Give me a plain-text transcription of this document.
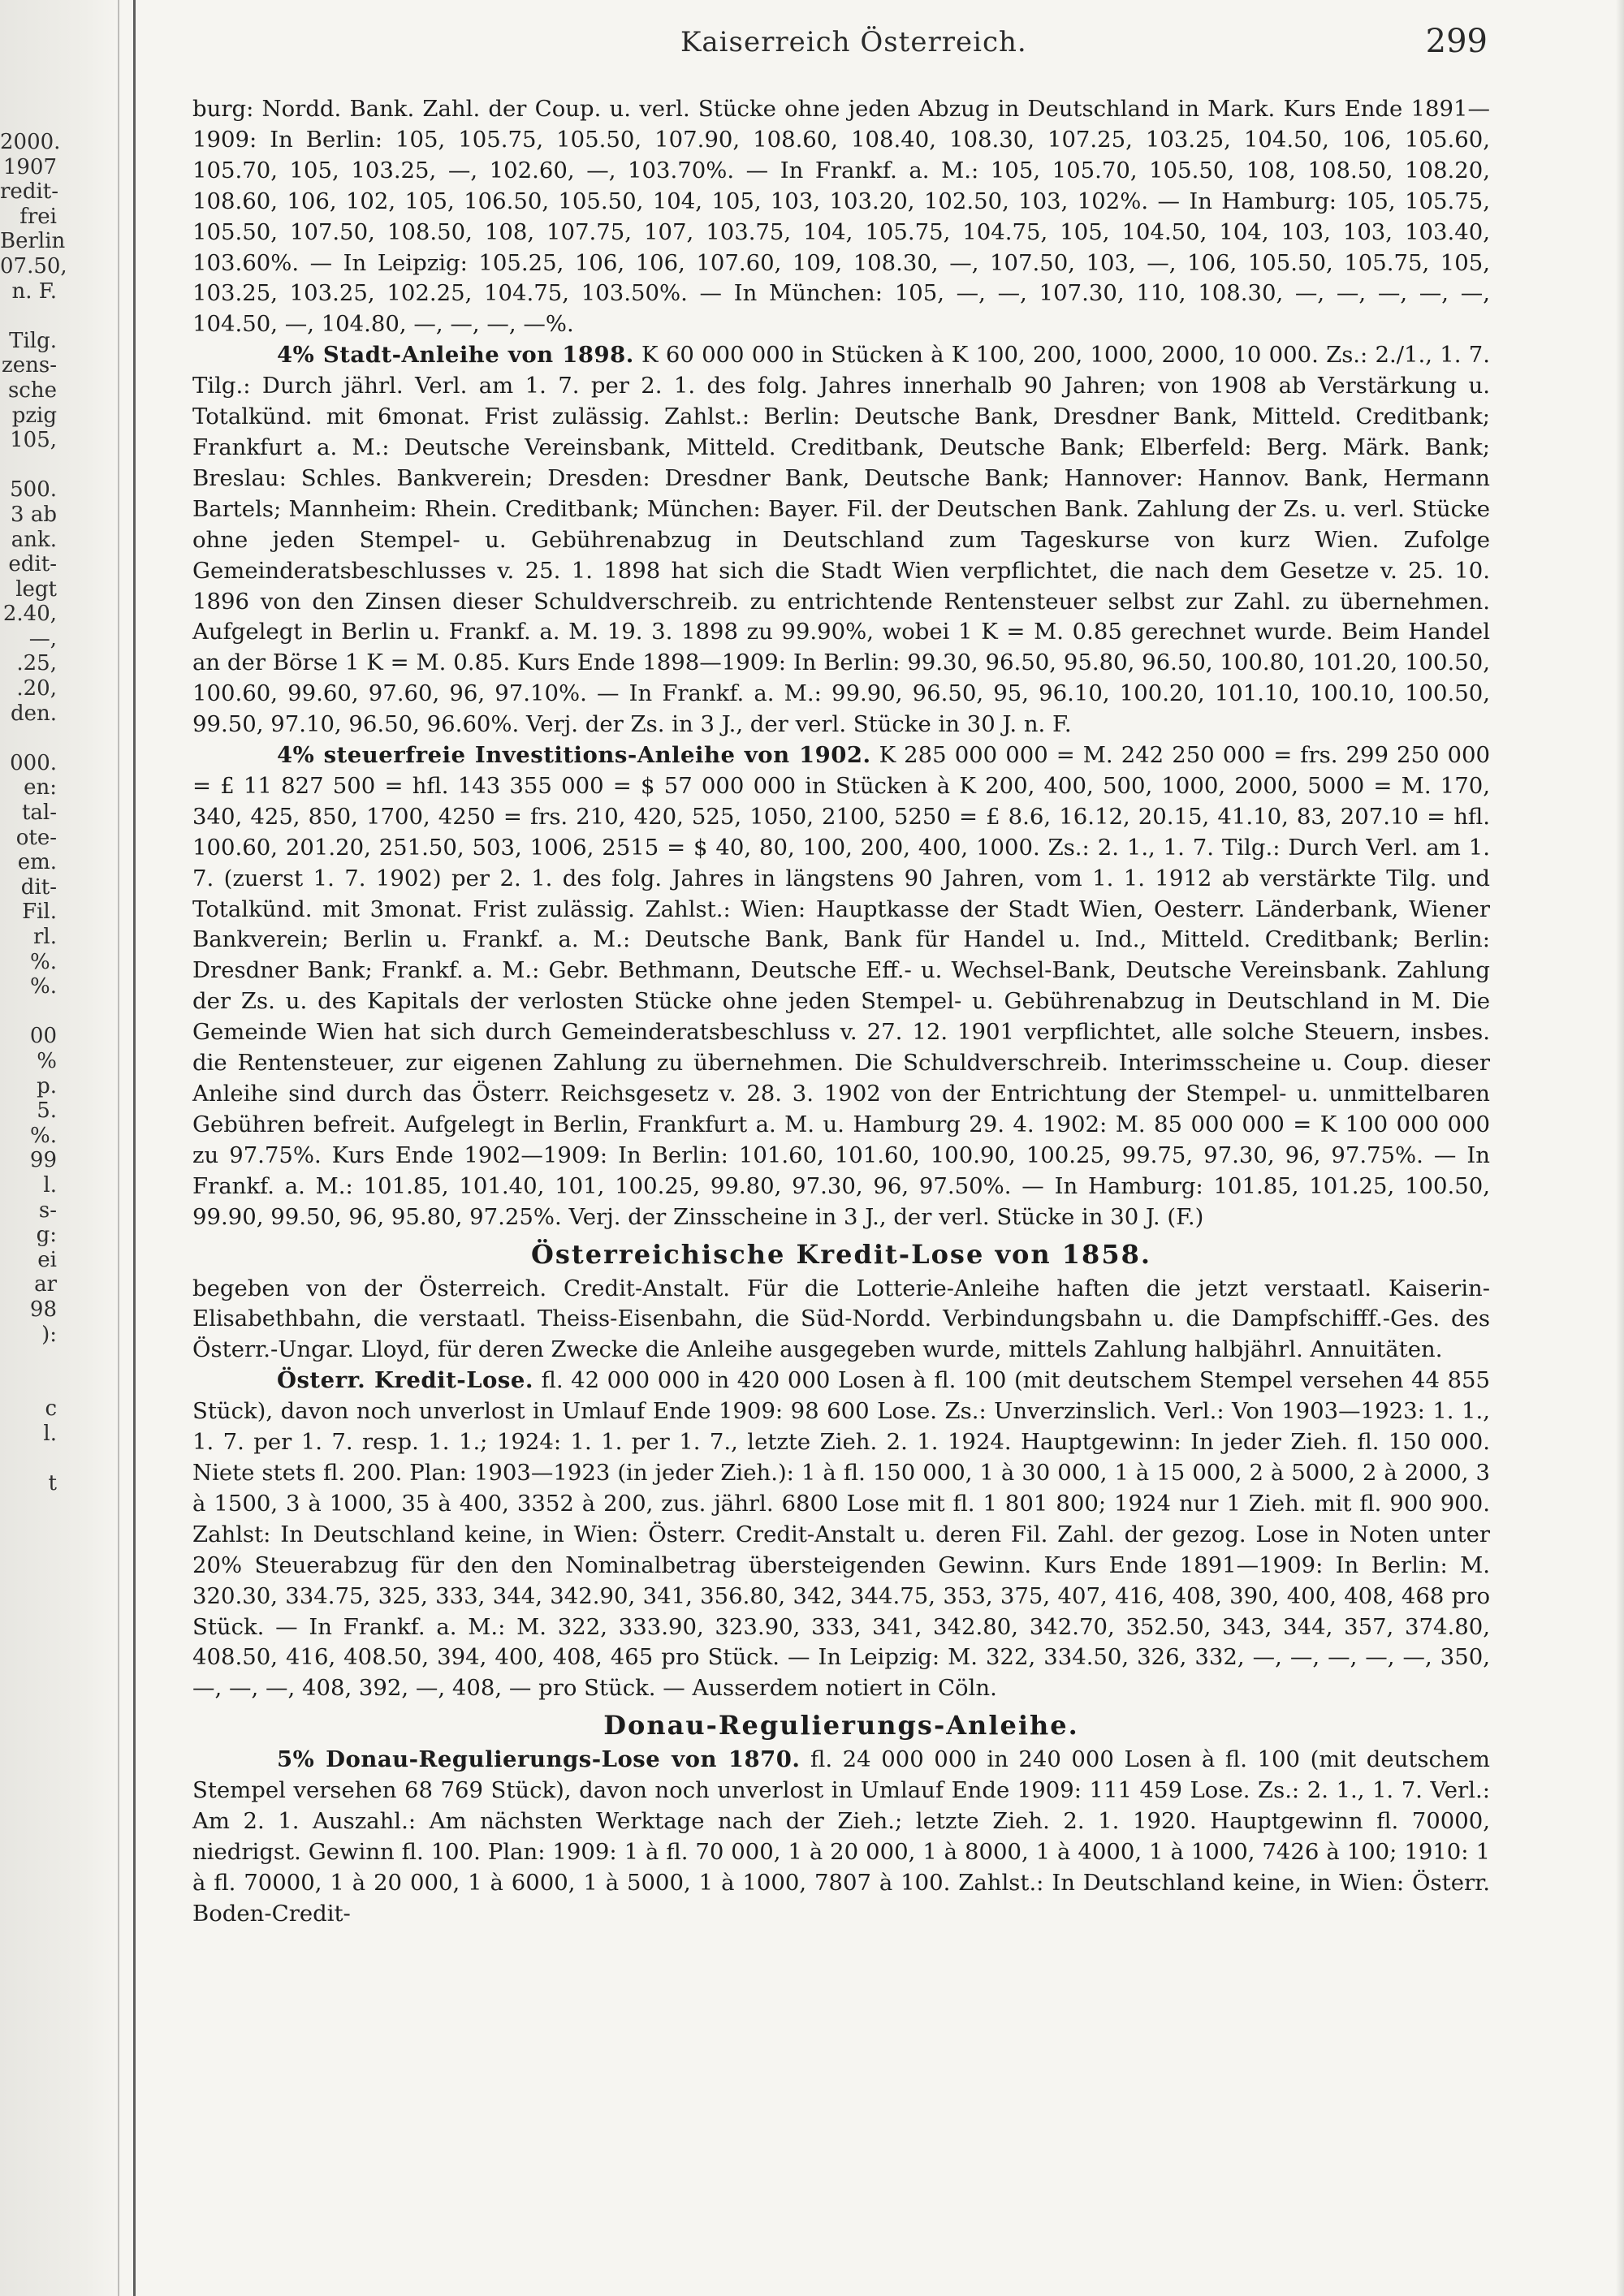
2000.
1907
redit-
frei
Berlin
07.50,
n. F.
Tilg.
zens-
sche
pzig
105,
500.
3 ab
ank.
edit-
legt
2.40,
—,
.25,
.20,
den.
000.
en:
tal-
ote-
em.
dit-
Fil.
rl.
%.
%.
00
%
p.
5.
%.
99
l.
s-
g:
ei
ar
98
):
c
l.
t
Kaiserreich Österreich.	299

burg: Nordd. Bank. Zahl. der Coup. u. verl. Stücke ohne jeden Abzug in Deutschland in Mark. Kurs Ende 1891—1909: In Berlin: 105, 105.75, 105.50, 107.90, 108.60, 108.40, 108.30, 107.25, 103.25, 104.50, 106, 105.60, 105.70, 105, 103.25, —, 102.60, —, 103.70%. — In Frankf. a. M.: 105, 105.70, 105.50, 108, 108.50, 108.20, 108.60, 106, 102, 105, 106.50, 105.50, 104, 105, 103, 103.20, 102.50, 103, 102%. — In Hamburg: 105, 105.75, 105.50, 107.50, 108.50, 108, 107.75, 107, 103.75, 104, 105.75, 104.75, 105, 104.50, 104, 103, 103, 103.40, 103.60%. — In Leipzig: 105.25, 106, 106, 107.60, 109, 108.30, —, 107.50, 103, —, 106, 105.50, 105.75, 105, 103.25, 103.25, 102.25, 104.75, 103.50%. — In München: 105, —, —, 107.30, 110, 108.30, —, —, —, —, —, 104.50, —, 104.80, —, —, —, —%.

4% Stadt-Anleihe von 1898. K 60 000 000 in Stücken à K 100, 200, 1000, 2000, 10 000. Zs.: 2./1., 1. 7. Tilg.: Durch jährl. Verl. am 1. 7. per 2. 1. des folg. Jahres innerhalb 90 Jahren; von 1908 ab Verstärkung u. Totalkünd. mit 6monat. Frist zulässig. Zahlst.: Berlin: Deutsche Bank, Dresdner Bank, Mitteld. Creditbank; Frankfurt a. M.: Deutsche Vereinsbank, Mitteld. Creditbank, Deutsche Bank; Elberfeld: Berg. Märk. Bank; Breslau: Schles. Bankverein; Dresden: Dresdner Bank, Deutsche Bank; Hannover: Hannov. Bank, Hermann Bartels; Mannheim: Rhein. Creditbank; München: Bayer. Fil. der Deutschen Bank. Zahlung der Zs. u. verl. Stücke ohne jeden Stempel- u. Gebührenabzug in Deutschland zum Tageskurse von kurz Wien. Zufolge Gemeinderatsbeschlusses v. 25. 1. 1898 hat sich die Stadt Wien verpflichtet, die nach dem Gesetze v. 25. 10. 1896 von den Zinsen dieser Schuldverschreib. zu entrichtende Rentensteuer selbst zur Zahl. zu übernehmen. Aufgelegt in Berlin u. Frankf. a. M. 19. 3. 1898 zu 99.90%, wobei 1 K = M. 0.85 gerechnet wurde. Beim Handel an der Börse 1 K = M. 0.85. Kurs Ende 1898—1909: In Berlin: 99.30, 96.50, 95.80, 96.50, 100.80, 101.20, 100.50, 100.60, 99.60, 97.60, 96, 97.10%. — In Frankf. a. M.: 99.90, 96.50, 95, 96.10, 100.20, 101.10, 100.10, 100.50, 99.50, 97.10, 96.50, 96.60%. Verj. der Zs. in 3 J., der verl. Stücke in 30 J. n. F.

4% steuerfreie Investitions-Anleihe von 1902. K 285 000 000 = M. 242 250 000 = frs. 299 250 000 = £ 11 827 500 = hfl. 143 355 000 = $ 57 000 000 in Stücken à K 200, 400, 500, 1000, 2000, 5000 = M. 170, 340, 425, 850, 1700, 4250 = frs. 210, 420, 525, 1050, 2100, 5250 = £ 8.6, 16.12, 20.15, 41.10, 83, 207.10 = hfl. 100.60, 201.20, 251.50, 503, 1006, 2515 = $ 40, 80, 100, 200, 400, 1000. Zs.: 2. 1., 1. 7. Tilg.: Durch Verl. am 1. 7. (zuerst 1. 7. 1902) per 2. 1. des folg. Jahres in längstens 90 Jahren, vom 1. 1. 1912 ab verstärkte Tilg. und Totalkünd. mit 3monat. Frist zulässig. Zahlst.: Wien: Hauptkasse der Stadt Wien, Oesterr. Länderbank, Wiener Bankverein; Berlin u. Frankf. a. M.: Deutsche Bank, Bank für Handel u. Ind., Mitteld. Creditbank; Berlin: Dresdner Bank; Frankf. a. M.: Gebr. Bethmann, Deutsche Eff.- u. Wechsel-Bank, Deutsche Vereinsbank. Zahlung der Zs. u. des Kapitals der verlosten Stücke ohne jeden Stempel- u. Gebührenabzug in Deutschland in M. Die Gemeinde Wien hat sich durch Gemeinderatsbeschluss v. 27. 12. 1901 verpflichtet, alle solche Steuern, insbes. die Rentensteuer, zur eigenen Zahlung zu übernehmen. Die Schuldverschreib. Interimsscheine u. Coup. dieser Anleihe sind durch das Österr. Reichsgesetz v. 28. 3. 1902 von der Entrichtung der Stempel- u. unmittelbaren Gebühren befreit. Aufgelegt in Berlin, Frankfurt a. M. u. Hamburg 29. 4. 1902: M. 85 000 000 = K 100 000 000 zu 97.75%. Kurs Ende 1902—1909: In Berlin: 101.60, 101.60, 100.90, 100.25, 99.75, 97.30, 96, 97.75%. — In Frankf. a. M.: 101.85, 101.40, 101, 100.25, 99.80, 97.30, 96, 97.50%. — In Hamburg: 101.85, 101.25, 100.50, 99.90, 99.50, 96, 95.80, 97.25%. Verj. der Zinsscheine in 3 J., der verl. Stücke in 30 J. (F.)

Österreichische Kredit-Lose von 1858.

begeben von der Österreich. Credit-Anstalt. Für die Lotterie-Anleihe haften die jetzt verstaatl. Kaiserin-Elisabethbahn, die verstaatl. Theiss-Eisenbahn, die Süd-Nordd. Verbindungsbahn u. die Dampfschifff.-Ges. des Österr.-Ungar. Lloyd, für deren Zwecke die Anleihe ausgegeben wurde, mittels Zahlung halbjährl. Annuitäten.

Österr. Kredit-Lose. fl. 42 000 000 in 420 000 Losen à fl. 100 (mit deutschem Stempel versehen 44 855 Stück), davon noch unverlost in Umlauf Ende 1909: 98 600 Lose. Zs.: Unverzinslich. Verl.: Von 1903—1923: 1. 1., 1. 7. per 1. 7. resp. 1. 1.; 1924: 1. 1. per 1. 7., letzte Zieh. 2. 1. 1924. Hauptgewinn: In jeder Zieh. fl. 150 000. Niete stets fl. 200. Plan: 1903—1923 (in jeder Zieh.): 1 à fl. 150 000, 1 à 30 000, 1 à 15 000, 2 à 5000, 2 à 2000, 3 à 1500, 3 à 1000, 35 à 400, 3352 à 200, zus. jährl. 6800 Lose mit fl. 1 801 800; 1924 nur 1 Zieh. mit fl. 900 900. Zahlst: In Deutschland keine, in Wien: Österr. Credit-Anstalt u. deren Fil. Zahl. der gezog. Lose in Noten unter 20% Steuerabzug für den den Nominalbetrag übersteigenden Gewinn. Kurs Ende 1891—1909: In Berlin: M. 320.30, 334.75, 325, 333, 344, 342.90, 341, 356.80, 342, 344.75, 353, 375, 407, 416, 408, 390, 400, 408, 468 pro Stück. — In Frankf. a. M.: M. 322, 333.90, 323.90, 333, 341, 342.80, 342.70, 352.50, 343, 344, 357, 374.80, 408.50, 416, 408.50, 394, 400, 408, 465 pro Stück. — In Leipzig: M. 322, 334.50, 326, 332, —, —, —, —, —, 350, —, —, —, 408, 392, —, 408, — pro Stück. — Ausserdem notiert in Cöln.

Donau-Regulierungs-Anleihe.

5% Donau-Regulierungs-Lose von 1870. fl. 24 000 000 in 240 000 Losen à fl. 100 (mit deutschem Stempel versehen 68 769 Stück), davon noch unverlost in Umlauf Ende 1909: 111 459 Lose. Zs.: 2. 1., 1. 7. Verl.: Am 2. 1. Auszahl.: Am nächsten Werktage nach der Zieh.; letzte Zieh. 2. 1. 1920. Hauptgewinn fl. 70000, niedrigst. Gewinn fl. 100. Plan: 1909: 1 à fl. 70 000, 1 à 20 000, 1 à 8000, 1 à 4000, 1 à 1000, 7426 à 100; 1910: 1 à fl. 70000, 1 à 20 000, 1 à 6000, 1 à 5000, 1 à 1000, 7807 à 100. Zahlst.: In Deutschland keine, in Wien: Österr. Boden-Credit-
